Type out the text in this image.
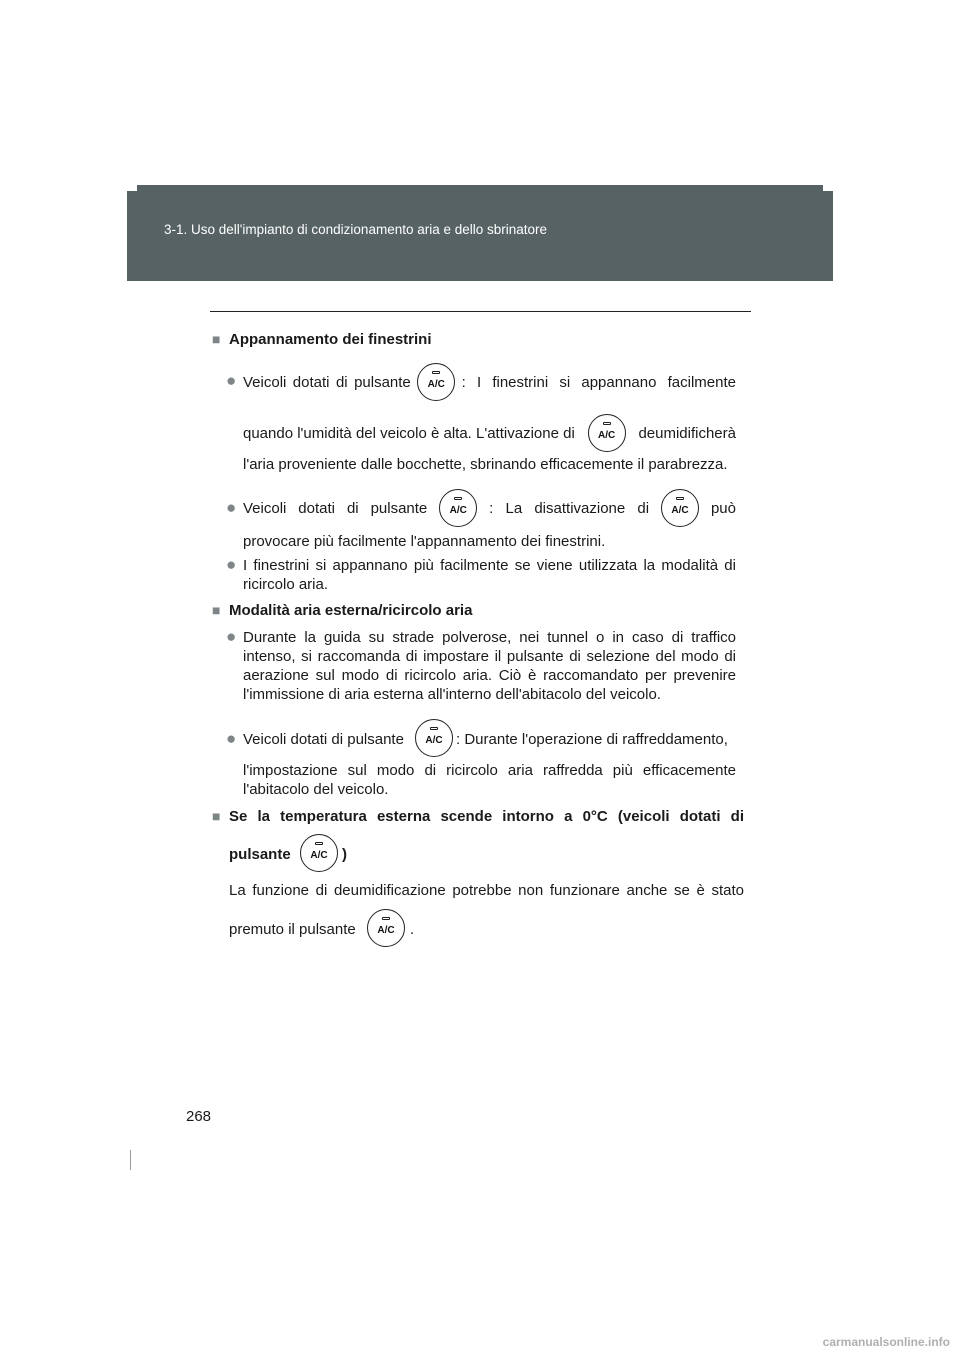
3-1. Uso dell'impianto di condizionamento aria e dello sbrinatore
■ Appannamento dei finestrini
● Veicoli dotati di pulsante A/C : I finestrini si appannano facilmente
quando l'umidità del veicolo è alta. L'attivazione di A/C deumidificherà
l'aria proveniente dalle bocchette, sbrinando efficacemente il parabrezza.
● Veicoli dotati di pulsante A/C : La disattivazione di A/C può
provocare più facilmente l'appannamento dei finestrini.
● I finestrini si appannano più facilmente se viene utilizzata la modalità di ricircolo aria.
■ Modalità aria esterna/ricircolo aria
● Durante la guida su strade polverose, nei tunnel o in caso di traffico intenso, si raccomanda di impostare il pulsante di selezione del modo di aerazione sul modo di ricircolo aria. Ciò è raccomandato per prevenire l'immissione di aria esterna all'interno dell'abitacolo del veicolo.
● Veicoli dotati di pulsante A/C : Durante l'operazione di raffreddamento,
l'impostazione sul modo di ricircolo aria raffredda più efficacemente l'abitacolo del veicolo.
■ Se la temperatura esterna scende intorno a 0°C (veicoli dotati di
pulsante A/C )
La funzione di deumidificazione potrebbe non funzionare anche se è stato
premuto il pulsante A/C .
268
carmanualsonline.info
